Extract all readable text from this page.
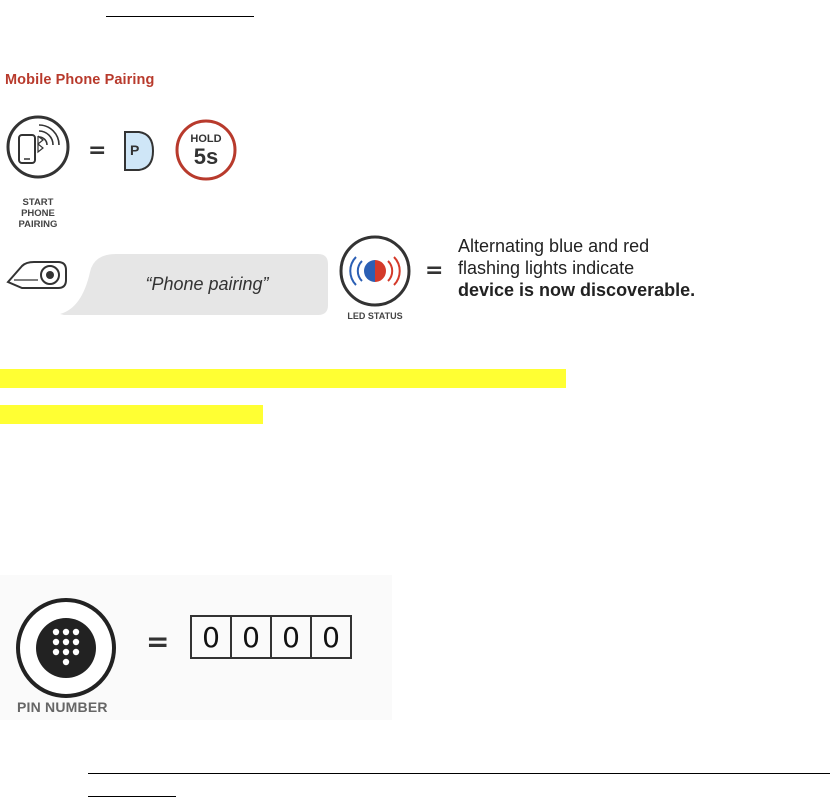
Mobile Phone Pairing
= P
HOLD
5s
START
PHONE
PAIRING
“Phone pairing”
LED STATUS
=
Alternating blue and red
flashing lights indicate
device is now discoverable.
PIN NUMBER
=	0 0 0 0
